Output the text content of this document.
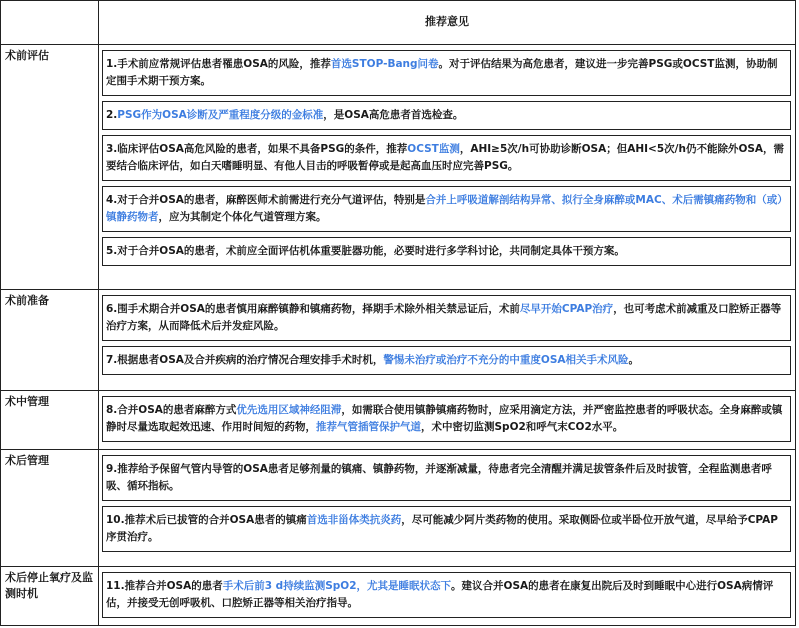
	推荐意见
术前评估	1.手术前应常规评估患者罹患OSA的风险，推荐首选STOP-Bang问卷。对于评估结果为高危患者，建议进一步完善PSG或OCST监测，协助制定围手术期干预方案。
2.PSG作为OSA诊断及严重程度分级的金标准，是OSA高危患者首选检查。
3.临床评估OSA高危风险的患者，如果不具备PSG的条件，推荐OCST监测，AHI≥5次/h可协助诊断OSA；但AHI<5次/h仍不能除外OSA，需要结合临床评估，如白天嗜睡明显、有他人目击的呼吸暂停或是起高血压时应完善PSG。
4.对于合并OSA的患者，麻醉医师术前需进行充分气道评估，特别是合并上呼吸道解剖结构异常、拟行全身麻醉或MAC、术后需镇痛药物和（或）镇静药物者，应为其制定个体化气道管理方案。
5.对于合并OSA的患者，术前应全面评估机体重要脏器功能，必要时进行多学科讨论，共同制定具体干预方案。

术前准备	6.围手术期合并OSA的患者慎用麻醉镇静和镇痛药物，择期手术除外相关禁忌证后，术前尽早开始CPAP治疗，也可考虑术前减重及口腔矫正器等治疗方案，从而降低术后并发症风险。
7.根据患者OSA及合并疾病的治疗情况合理安排手术时机，警惕未治疗或治疗不充分的中重度OSA相关手术风险。

术中管理	8.合并OSA的患者麻醉方式优先选用区域神经阻滞，如需联合使用镇静镇痛药物时，应采用滴定方法，并严密监控患者的呼吸状态。全身麻醉或镇静时尽量选取起效迅速、作用时间短的药物，推荐气管插管保护气道，术中密切监测SpO2和呼气末CO2水平。

术后管理	9.推荐给予保留气管内导管的OSA患者足够剂量的镇痛、镇静药物，并逐渐减量，待患者完全清醒并满足拔管条件后及时拔管，全程监测患者呼吸、循环指标。
10.推荐术后已拔管的合并OSA患者的镇痛首选非甾体类抗炎药，尽可能减少阿片类药物的使用。采取侧卧位或半卧位开放气道，尽早给予CPAP序贯治疗。

术后停止氧疗及监测时机	11.推荐合并OSA的患者手术后前3 d持续监测SpO2，尤其是睡眠状态下。建议合并OSA的患者在康复出院后及时到睡眠中心进行OSA病情评估，并接受无创呼吸机、口腔矫正器等相关治疗指导。
